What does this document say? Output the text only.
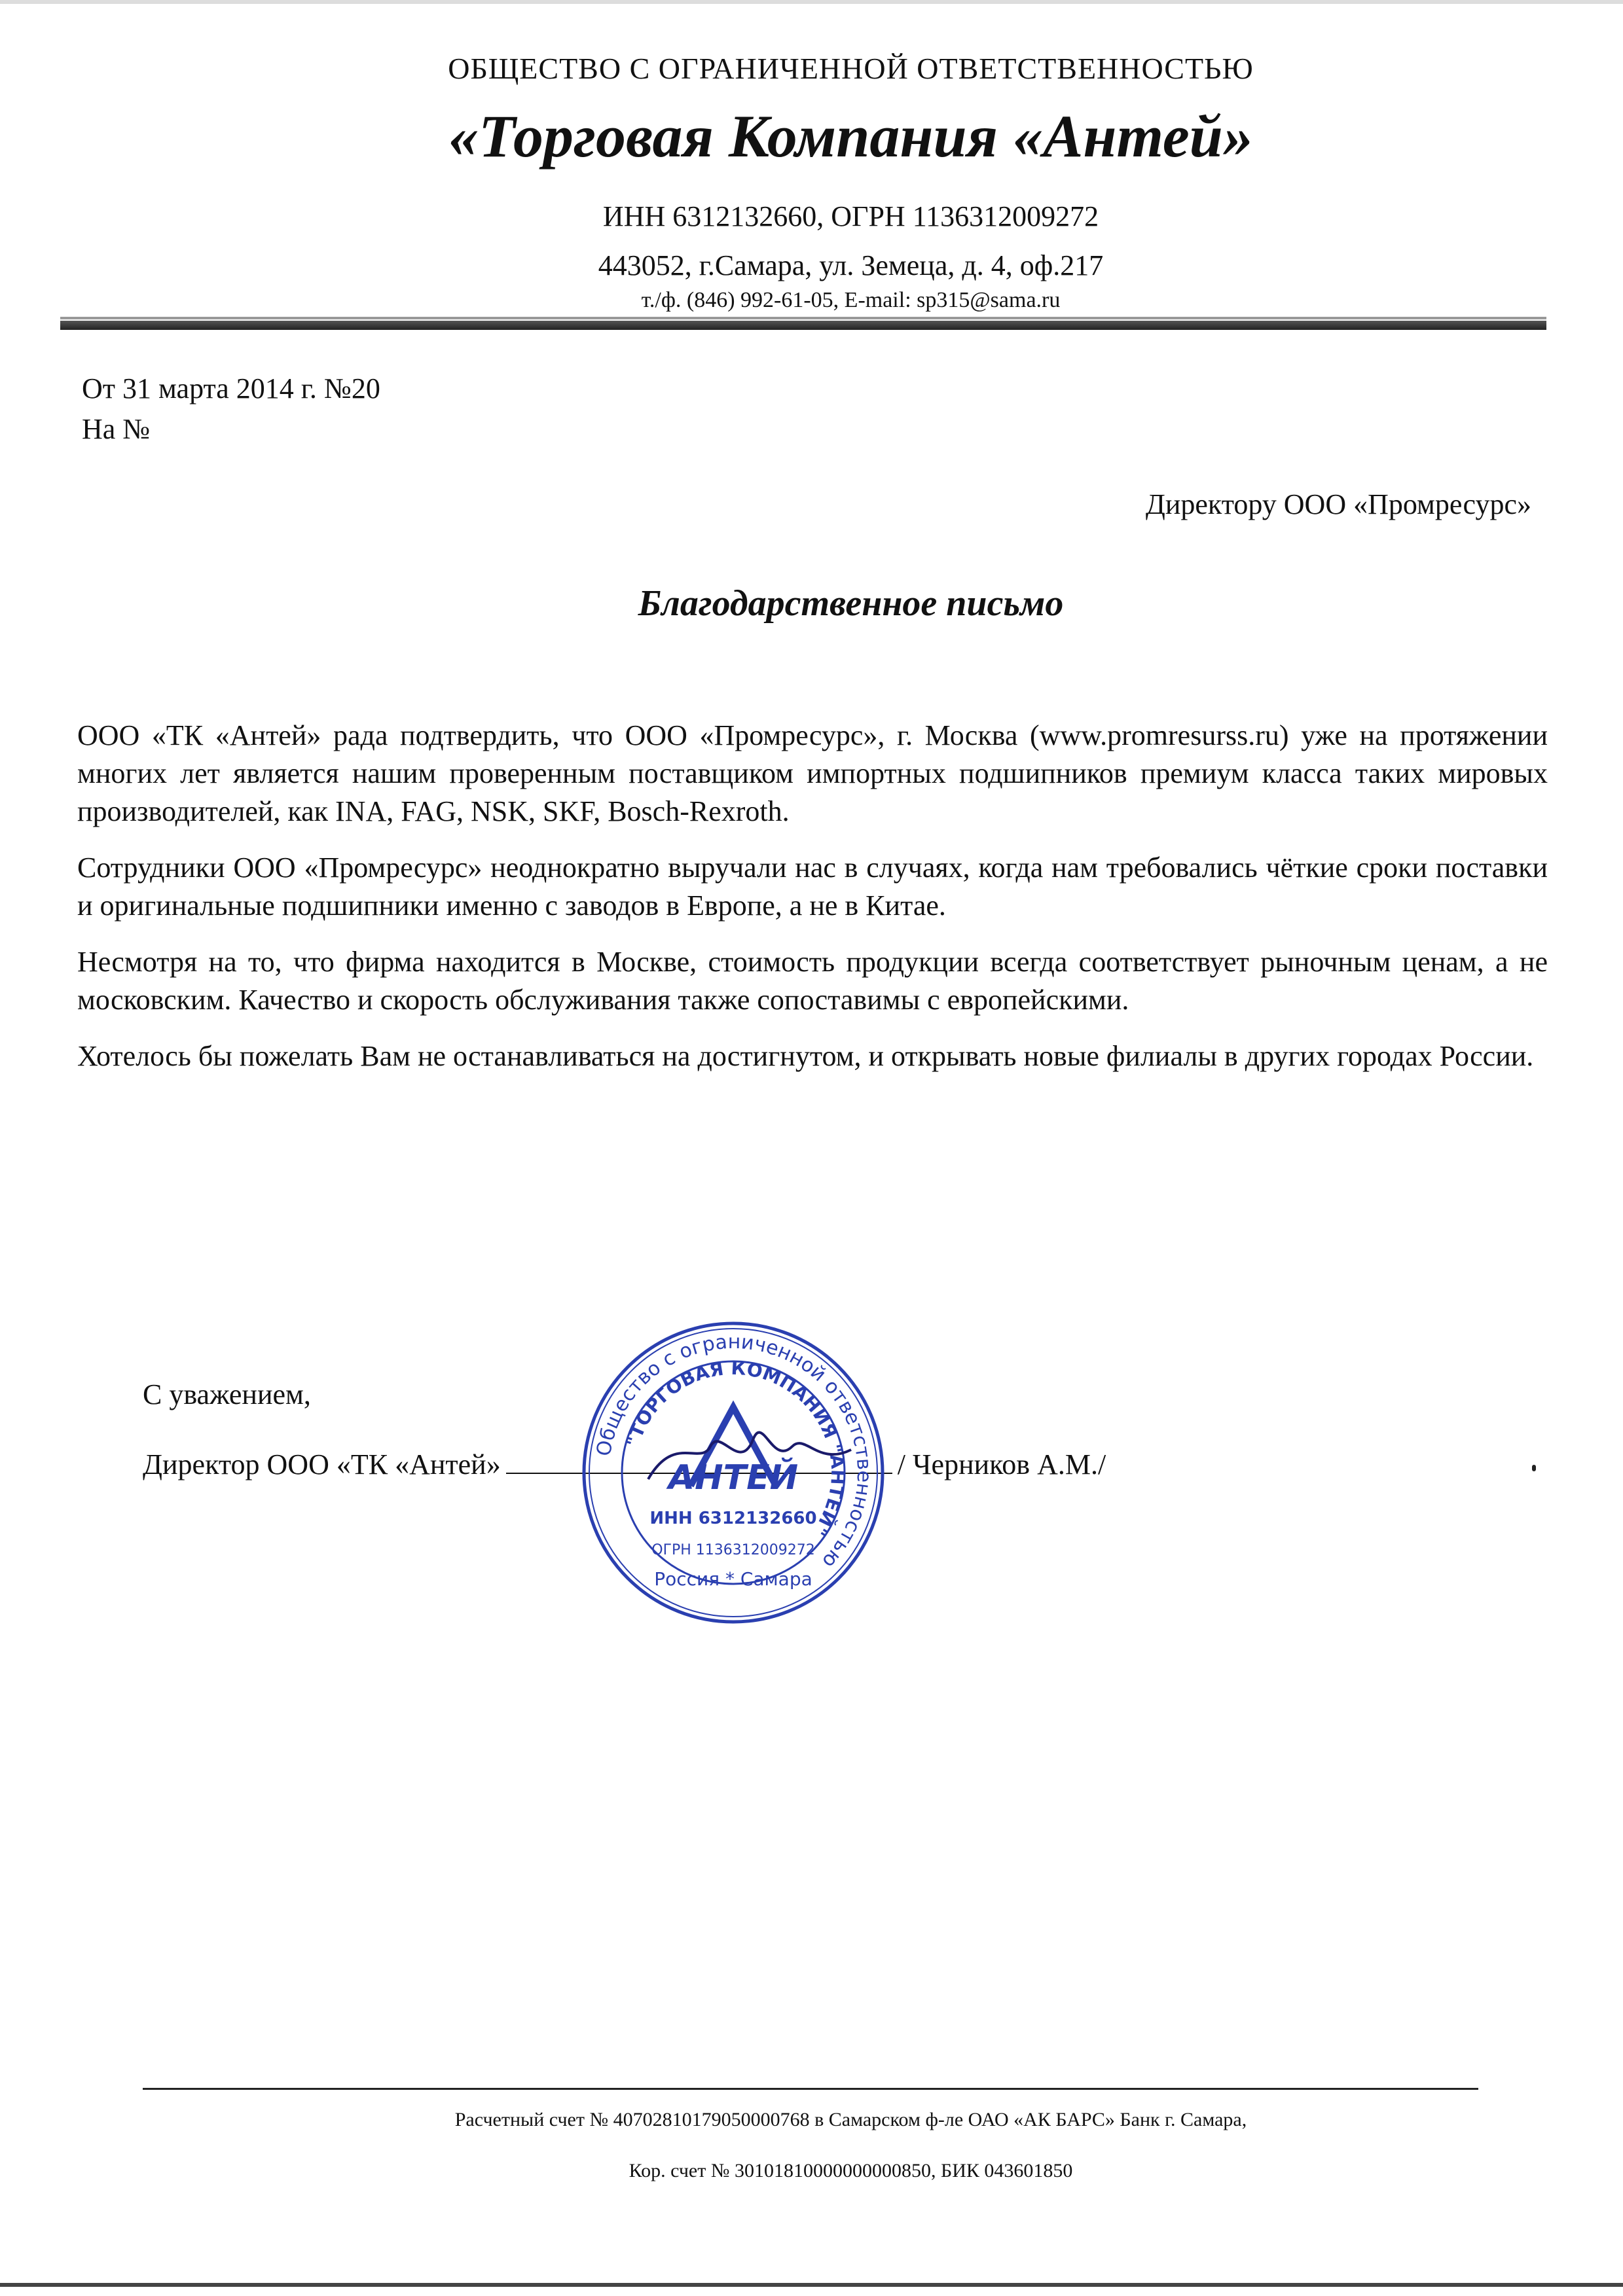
ОБЩЕСТВО С ОГРАНИЧЕННОЙ ОТВЕТСТВЕННОСТЬЮ
«Торговая Компания «Антей»
ИНН 6312132660, ОГРН 1136312009272
443052, г.Самара, ул. Земеца, д. 4, оф.217
т./ф. (846) 992-61-05, E-mail: sp315@sama.ru
От 31 марта 2014 г. №20
На №
Директору ООО «Промресурс»
Благодарственное письмо

ООО «ТК «Антей» рада подтвердить, что ООО «Промресурс», г. Москва (www.promresurss.ru) уже на протяжении многих лет является нашим проверенным поставщиком импортных подшипников премиум класса таких мировых производителей, как INA, FAG, NSK, SKF, Bosch-Rexroth.

Сотрудники ООО «Промресурс» неоднократно выручали нас в случаях, когда нам требовались чёткие сроки поставки и оригинальные подшипники именно с заводов в Европе, а не в Китае.

Несмотря на то, что фирма находится в Москве, стоимость продукции всегда соответствует рыночным ценам, а не московским. Качество и скорость обслуживания также сопоставимы с европейскими.

Хотелось бы пожелать Вам не останавливаться на достигнутом, и открывать новые филиалы в других городах России.

С уважением,
Директор ООО «ТК «Антей»	/ Черников А.М./
Общество с ограниченной ответственностью
"ТОРГОВАЯ КОМПАНИЯ "АНТЕЙ"
АНТЕЙ
ИНН 6312132660
ОГРН 1136312009272
Россия * Самара
Расчетный счет № 40702810179050000768 в Самарском ф-ле ОАО «АК БАРС» Банк г. Самара,
Кор. счет № 30101810000000000850, БИК 043601850
